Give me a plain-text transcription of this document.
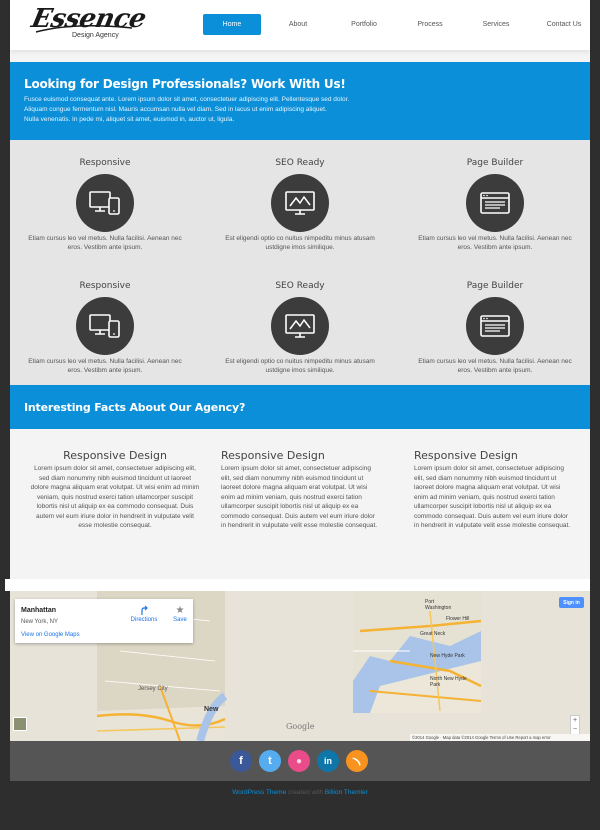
Essence
Design Agency
Home	About	Portfolio	Process	Services	Contact Us
Looking for Design Professionals? Work With Us!
Fusce euismod consequat ante. Lorem ipsum dolor sit amet, consectetuer adipiscing elit. Pellentesque sed dolor.
Aliquam congue fermentum nisl. Mauris accumsan nulla vel diam. Sed in lacus ut enim adipiscing aliquet.
Nulla venenatis. In pede mi, aliquet sit amet, euismod in, auctor ut, ligula.
Responsive
Etiam cursus leo vel metus. Nulla facilisi. Aenean nec eros. Vestibm ante ipsum.
SEO Ready
Est eligendi optio co nuitus nimpeditu minus atusam ustdigne imos similique.
Page Builder
Etiam cursus leo vel metus. Nulla facilisi. Aenean nec eros. Vestibm ante ipsum.
Responsive
Etiam cursus leo vel metus. Nulla facilisi. Aenean nec eros. Vestibm ante ipsum.
SEO Ready
Est eligendi optio co nuitus nimpeditu minus atusam ustdigne imos similique.
Page Builder
Etiam cursus leo vel metus. Nulla facilisi. Aenean nec eros. Vestibm ante ipsum.
Interesting Facts About Our Agency?
Responsive Design
Lorem ipsum dolor sit amet, consectetuer adipiscing elit, sed diam nonummy nibh euismod tincidunt ut laoreet dolore magna aliquam erat volutpat. Ut wisi enim ad minim veniam, quis nostrud exerci tation ullamcorper suscipit lobortis nisl ut aliquip ex ea commodo consequat. Duis autem vel eum iriure dolor in hendrerit in vulputate velit esse molestie consequat.
Responsive Design
Lorem ipsum dolor sit amet, consectetuer adipiscing elit, sed diam nonummy nibh euismod tincidunt ut laoreet dolore magna aliquam erat volutpat. Ut wisi enim ad minim veniam, quis nostrud exerci tation ullamcorper suscipit lobortis nisl ut aliquip ex ea commodo consequat. Duis autem vel eum iriure dolor in hendrerit in vulputate velit esse molestie consequat.
Responsive Design
Lorem ipsum dolor sit amet, consectetuer adipiscing elit, sed diam nonummy nibh euismod tincidunt ut laoreet dolore magna aliquam erat volutpat. Ut wisi enim ad minim veniam, quis nostrud exerci tation ullamcorper suscipit lobortis nisl ut aliquip ex ea commodo consequat. Duis autem vel eum iriure dolor in hendrerit in vulputate velit esse molestie consequat.
Port Washington
Flower Hill
Great Neck
New Hyde Park
North New Hyde Park
Jersey City
New
Manhattan
New York, NY
View on Google Maps
Directions
★
Save
Sign in
Google
+
−
©2014 Google · Map data ©2014 Google Terms of Use Report a map error
f	t	●	in	)
WordPress Theme created with Billion Themler
